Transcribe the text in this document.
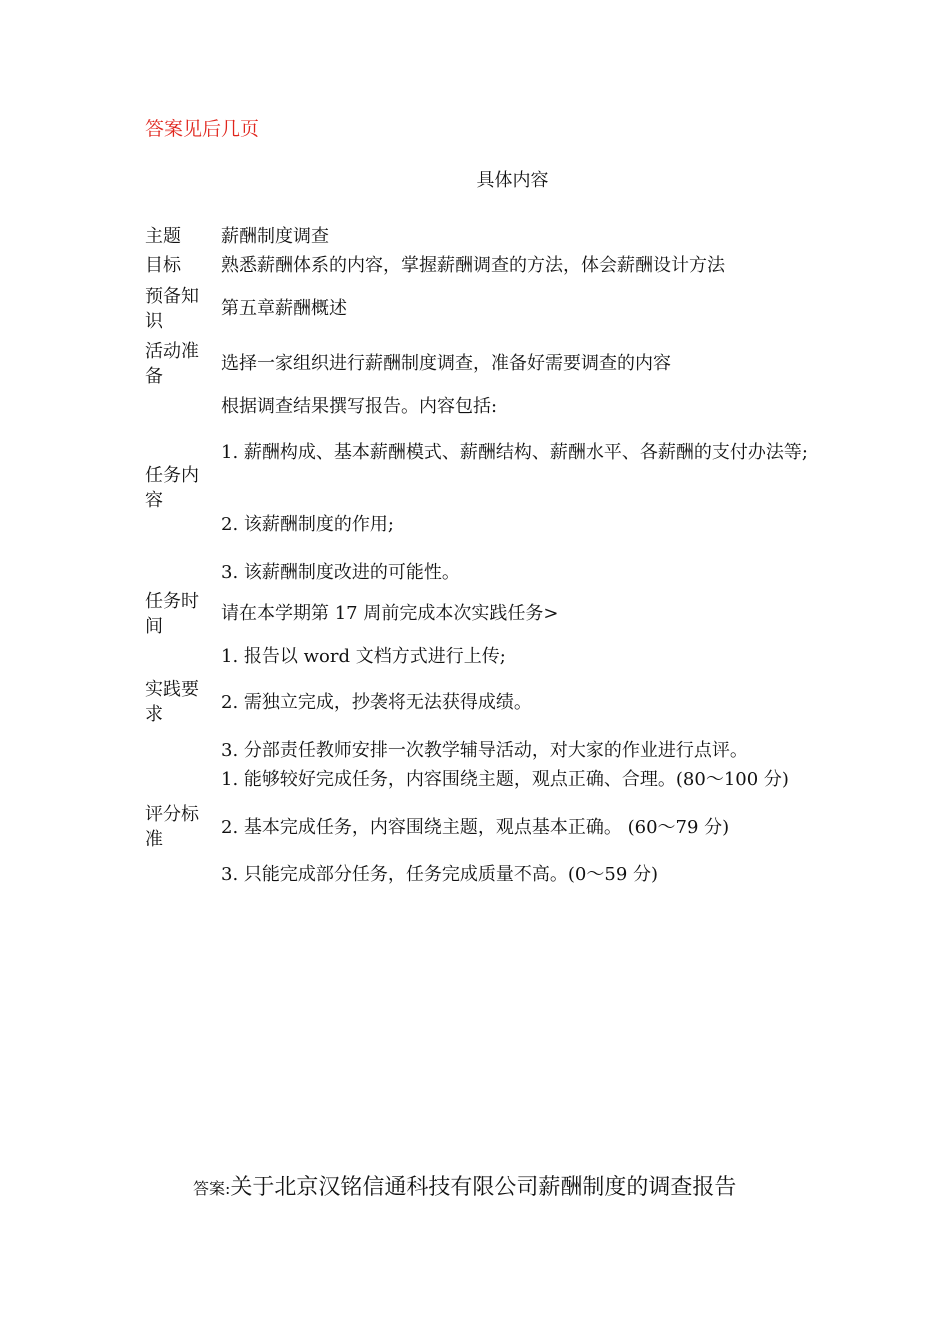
答案见后几页
具体内容
主题	薪酬制度调查
目标	熟悉薪酬体系的内容，掌握薪酬调查的方法，体会薪酬设计方法
预备知识
第五章薪酬概述
活动准备
选择一家组织进行薪酬制度调查，准备好需要调查的内容
根据调查结果撰写报告。内容包括:
任务内容
1. 薪酬构成、基本薪酬模式、薪酬结构、薪酬水平、各薪酬的支付办法等;
2. 该薪酬制度的作用;
3. 该薪酬制度改进的可能性。
任务时间
请在本学期第 17 周前完成本次实践任务>
1. 报告以 word 文档方式进行上传;
实践要求
2. 需独立完成，抄袭将无法获得成绩。
3. 分部责任教师安排一次教学辅导活动，对大家的作业进行点评。
1. 能够较好完成任务，内容围绕主题，观点正确、合理。(80～100 分)
评分标准
2. 基本完成任务，内容围绕主题，观点基本正确。 (60～79 分)
3. 只能完成部分任务，任务完成质量不高。(0～59 分)
答案:关于北京汉铭信通科技有限公司薪酬制度的调查报告
